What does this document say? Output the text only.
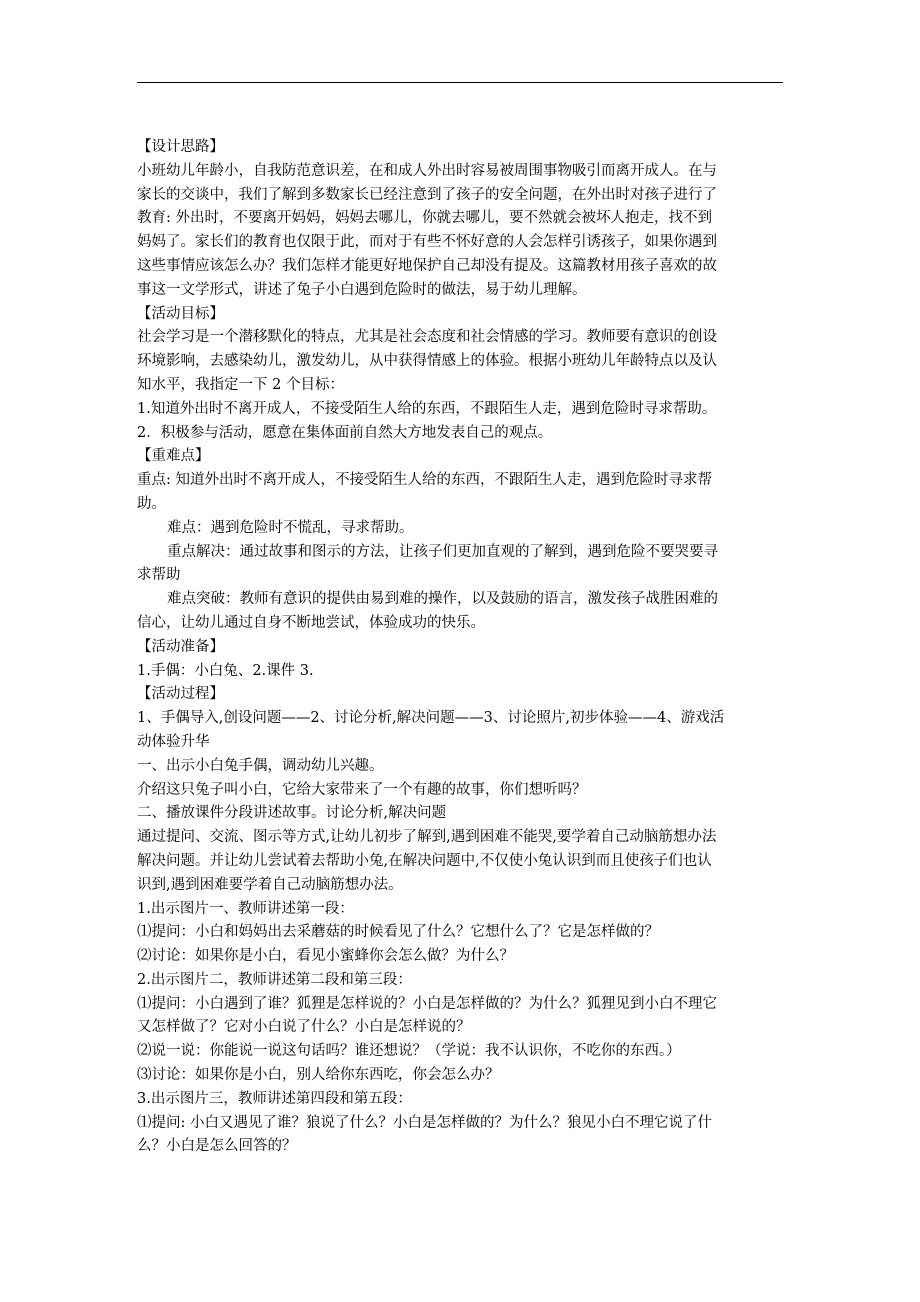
【设计思路】
小班幼儿年龄小，自我防范意识差，在和成人外出时容易被周围事物吸引而离开成人。在与
家长的交谈中，我们了解到多数家长已经注意到了孩子的安全问题，在外出时对孩子进行了
教育: 外出时，不要离开妈妈，妈妈去哪儿，你就去哪儿，要不然就会被坏人抱走，找不到
妈妈了。家长们的教育也仅限于此，而对于有些不怀好意的人会怎样引诱孩子，如果你遇到
这些事情应该怎么办？我们怎样才能更好地保护自己却没有提及。这篇教材用孩子喜欢的故
事这一文学形式，讲述了兔子小白遇到危险时的做法，易于幼儿理解。
【活动目标】
社会学习是一个潜移默化的特点，尤其是社会态度和社会情感的学习。教师要有意识的创设
环境影响，去感染幼儿，激发幼儿，从中获得情感上的体验。根据小班幼儿年龄特点以及认
知水平，我指定一下 2 个目标：
1.知道外出时不离开成人，不接受陌生人给的东西，不跟陌生人走，遇到危险时寻求帮助。
2．积极参与活动，愿意在集体面前自然大方地发表自己的观点。
【重难点】
重点: 知道外出时不离开成人，不接受陌生人给的东西，不跟陌生人走，遇到危险时寻求帮
助。
难点：遇到危险时不慌乱，寻求帮助。
重点解决：通过故事和图示的方法，让孩子们更加直观的了解到，遇到危险不要哭要寻
求帮助
难点突破：教师有意识的提供由易到难的操作，以及鼓励的语言，激发孩子战胜困难的
信心，让幼儿通过自身不断地尝试，体验成功的快乐。
【活动准备】
1.手偶：小白兔、2.课件 3.
【活动过程】
1、手偶导入,创设问题——2、讨论分析,解决问题——3、讨论照片,初步体验——4、游戏活
动体验升华
一、出示小白兔手偶，调动幼儿兴趣。
介绍这只兔子叫小白，它给大家带来了一个有趣的故事，你们想听吗？
二、播放课件分段讲述故事。讨论分析,解决问题
通过提问、交流、图示等方式,让幼儿初步了解到,遇到困难不能哭,要学着自己动脑筋想办法
解决问题。并让幼儿尝试着去帮助小兔,在解决问题中,不仅使小兔认识到而且使孩子们也认
识到,遇到困难要学着自己动脑筋想办法。
1.出示图片一、教师讲述第一段：
⑴提问：小白和妈妈出去采蘑菇的时候看见了什么？它想什么了？它是怎样做的？
⑵讨论：如果你是小白，看见小蜜蜂你会怎么做？为什么？
2.出示图片二，教师讲述第二段和第三段：
⑴提问：小白遇到了谁？狐狸是怎样说的？小白是怎样做的？为什么？狐狸见到小白不理它
又怎样做了？它对小白说了什么？小白是怎样说的？
⑵说一说：你能说一说这句话吗？谁还想说？（学说：我不认识你，不吃你的东西。）
⑶讨论：如果你是小白，别人给你东西吃，你会怎么办？
3.出示图片三，教师讲述第四段和第五段：
⑴提问: 小白又遇见了谁？狼说了什么？小白是怎样做的？为什么？狼见小白不理它说了什
么？小白是怎么回答的？
